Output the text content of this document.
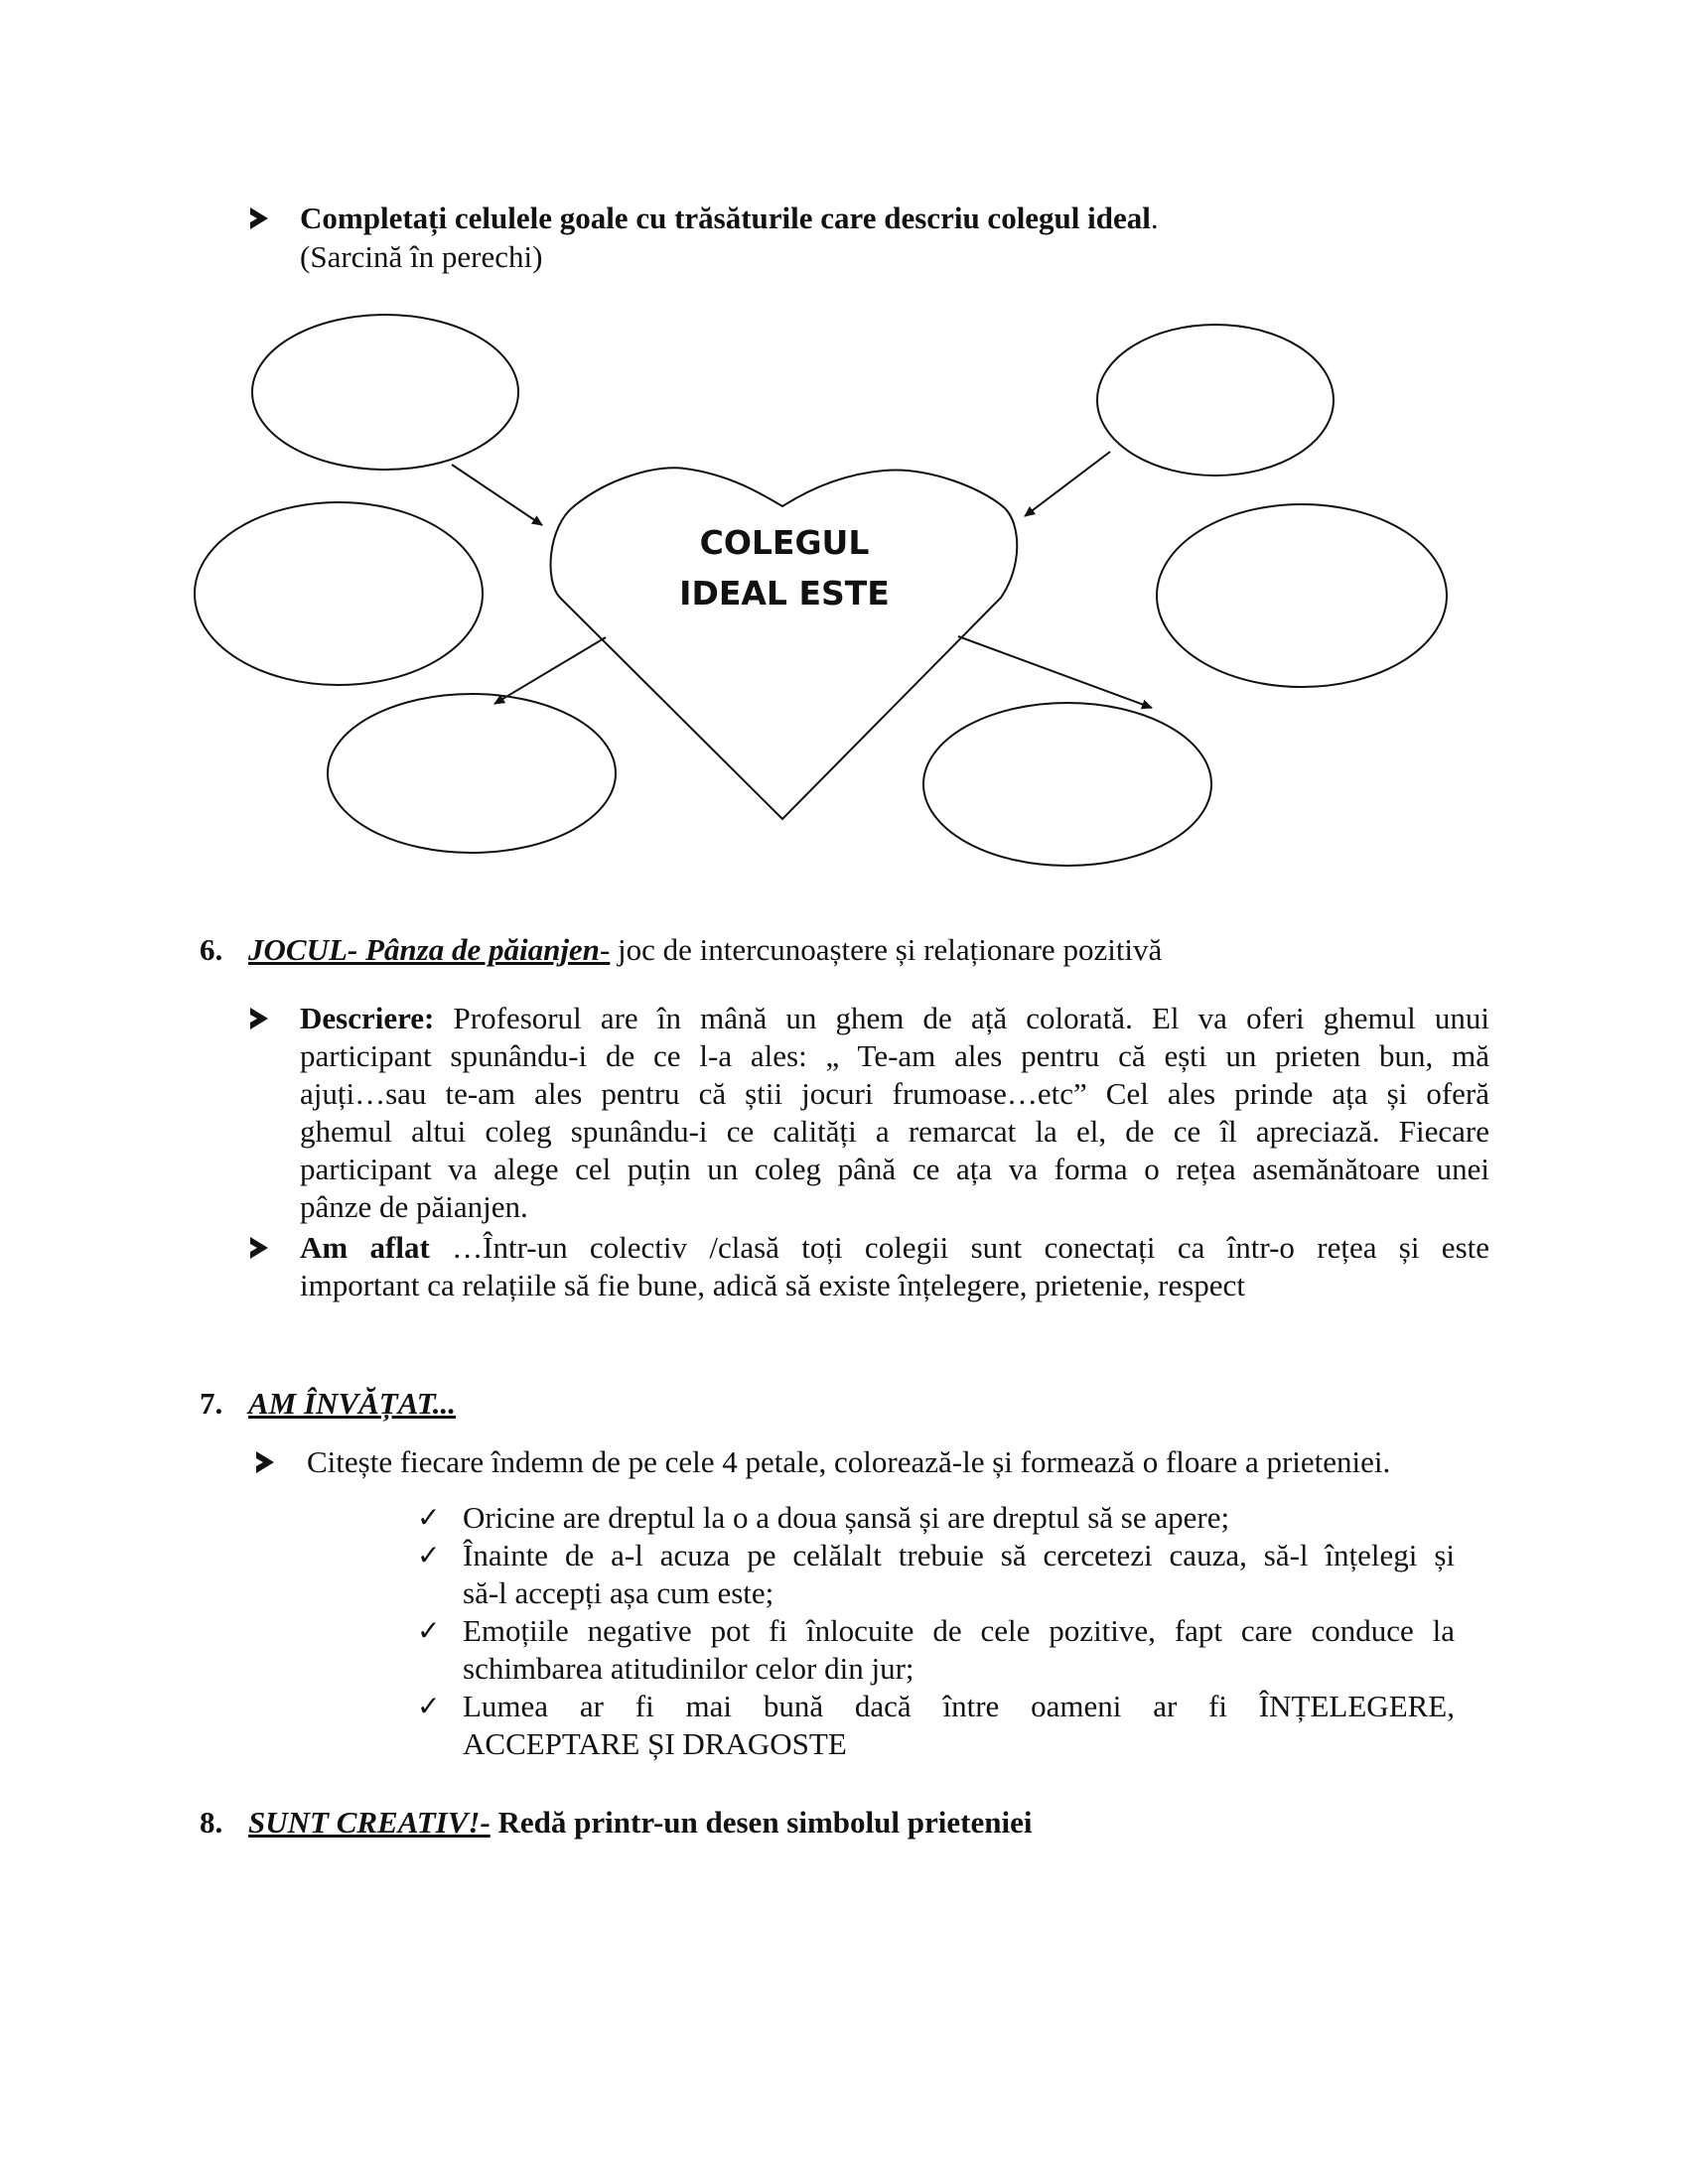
Completați celulele goale cu trăsăturile care descriu colegul ideal.
(Sarcină în perechi)
COLEGUL
IDEAL ESTE
6. JOCUL- Pânza de păianjen- joc de intercunoaștere și relaționare pozitivă
Descriere: Profesorul are în mână un ghem de ață colorată. El va oferi ghemul unui
participant spunându-i de ce l-a ales: „ Te-am ales pentru că ești un prieten bun, mă
ajuți…sau te-am ales pentru că știi jocuri frumoase…etc” Cel ales prinde ața și oferă
ghemul altui coleg spunându-i ce calități a remarcat la el, de ce îl apreciază. Fiecare
participant va alege cel puțin un coleg până ce ața va forma o rețea asemănătoare unei
pânze de păianjen.
Am aflat …Într-un colectiv /clasă toți colegii sunt conectați ca într-o rețea și este
important ca relațiile să fie bune, adică să existe înțelegere, prietenie, respect
7. AM ÎNVĂȚAT...
Citește fiecare îndemn de pe cele 4 petale, colorează-le și formează o floare a prieteniei.
✓ Oricine are dreptul la o a doua șansă și are dreptul să se apere;
✓ Înainte de a-l acuza pe celălalt trebuie să cercetezi cauza, să-l înțelegi și
să-l accepți așa cum este;
✓ Emoțiile negative pot fi înlocuite de cele pozitive, fapt care conduce la
schimbarea atitudinilor celor din jur;
✓ Lumea ar fi mai bună dacă între oameni ar fi ÎNȚELEGERE,
ACCEPTARE ȘI DRAGOSTE
8. SUNT CREATIV!- Redă printr-un desen simbolul prieteniei
